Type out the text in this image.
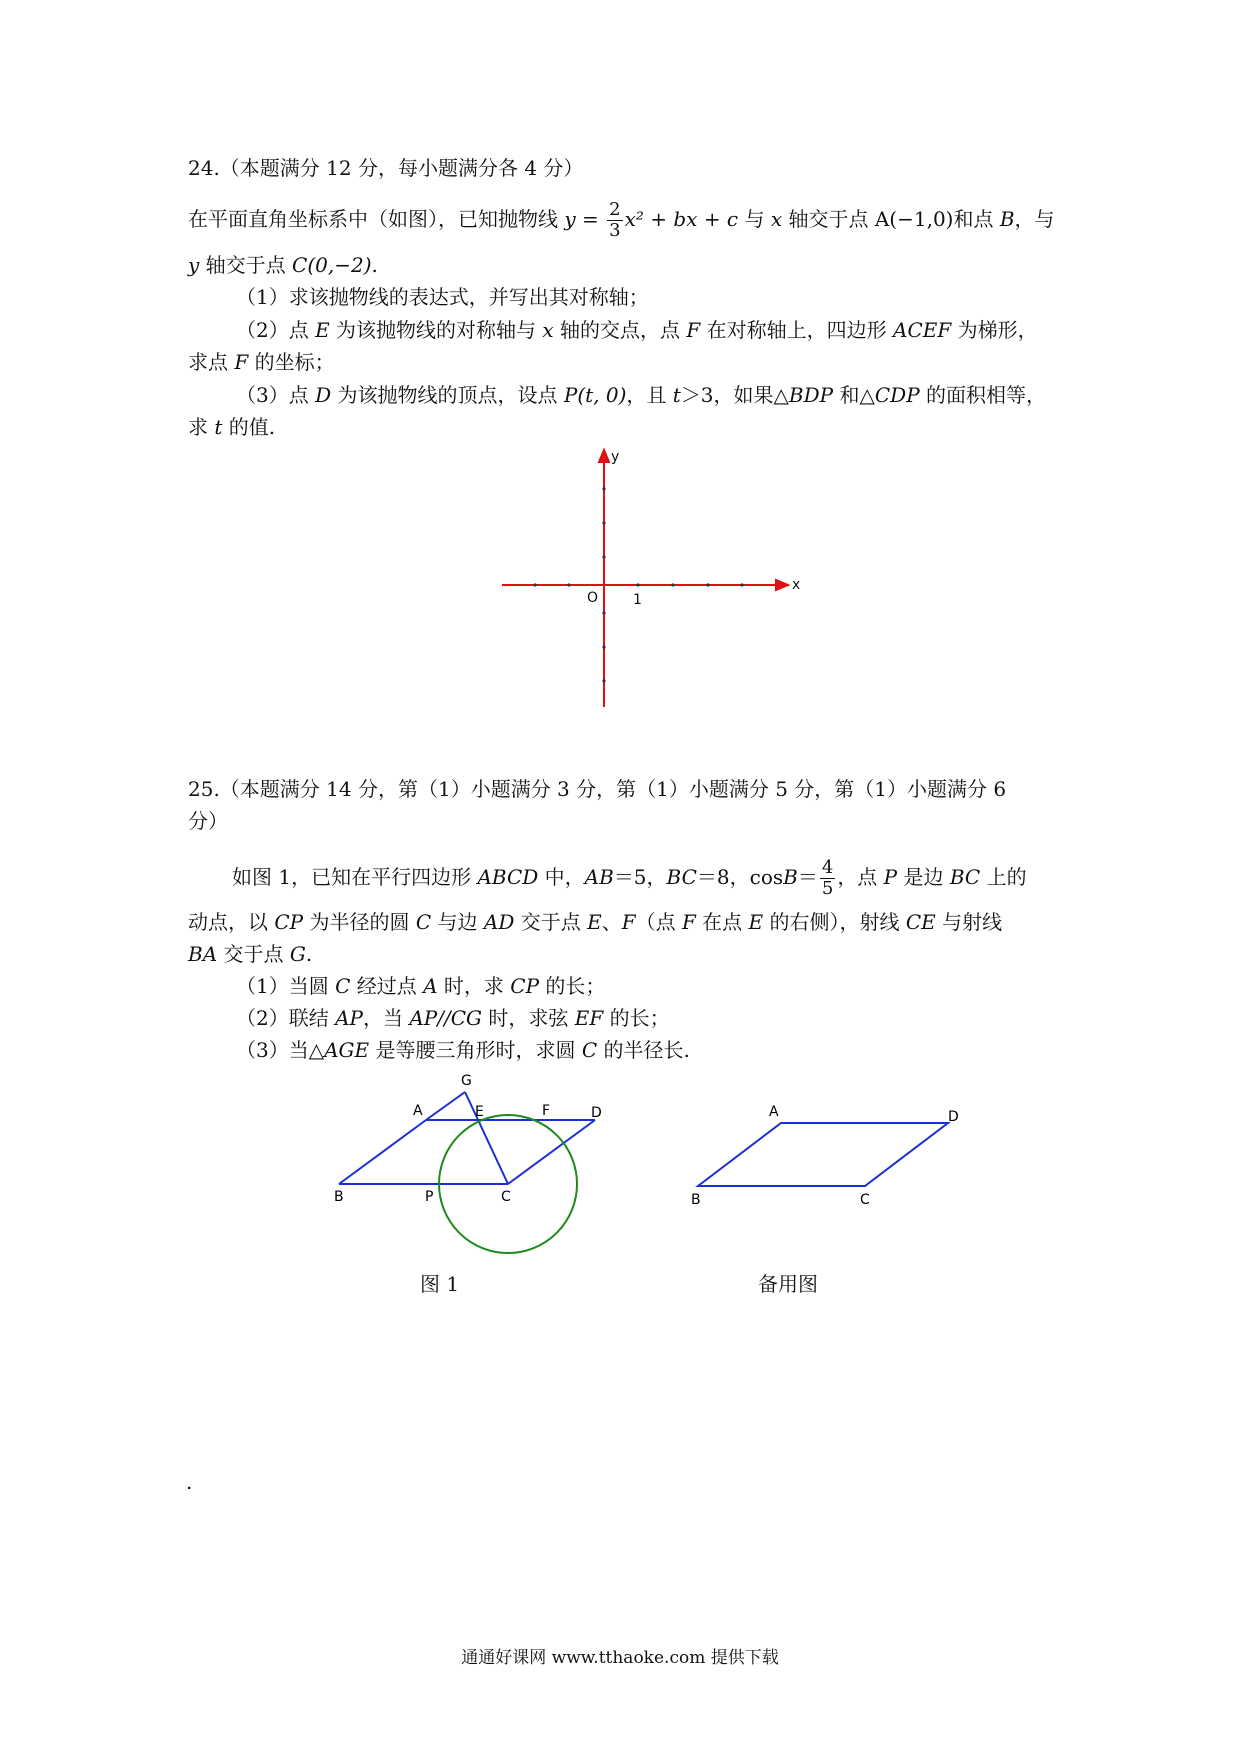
24.（本题满分 12 分，每小题满分各 4 分）
在平面直角坐标系中（如图），已知抛物线 $y = \frac{2}{3} x^2$ + bx + c 与 x 轴交于点 A(−1,0)和点 B，与
y 轴交于点 C(0,−2).
（1）求该抛物线的表达式，并写出其对称轴；
（2）点 E 为该抛物线的对称轴与 x 轴的交点，点 F 在对称轴上，四边形 ACEF 为梯形，
求点 F 的坐标；
（3）点 D 为该抛物线的顶点，设点 P(t, 0)，且 t＞3，如果△BDP 和△CDP 的面积相等，
求 t 的值.
x
y
O 1
25.（本题满分 14 分，第（1）小题满分 3 分，第（1）小题满分 5 分，第（1）小题满分 6
分）
如图 1，已知在平行四边形 ABCD 中，AB＝5，BC＝8，$\cos B= \frac{4}{5}$ ，点 P 是边 BC 上的
动点，以 CP 为半径的圆 C 与边 AD 交于点 E、F（点 F 在点 E 的右侧），射线 CE 与射线
BA 交于点 G.
（1）当圆 C 经过点 A 时，求 CP 的长；
（2）联结 AP，当 AP//CG 时，求弦 EF 的长；
（3）当△AGE 是等腰三角形时，求圆 C 的半径长.
G
A	E	F	D
B	P	C
图 1
A	D
B	C
备用图
.
通通好课网 www.tthaoke.com 提供下载
